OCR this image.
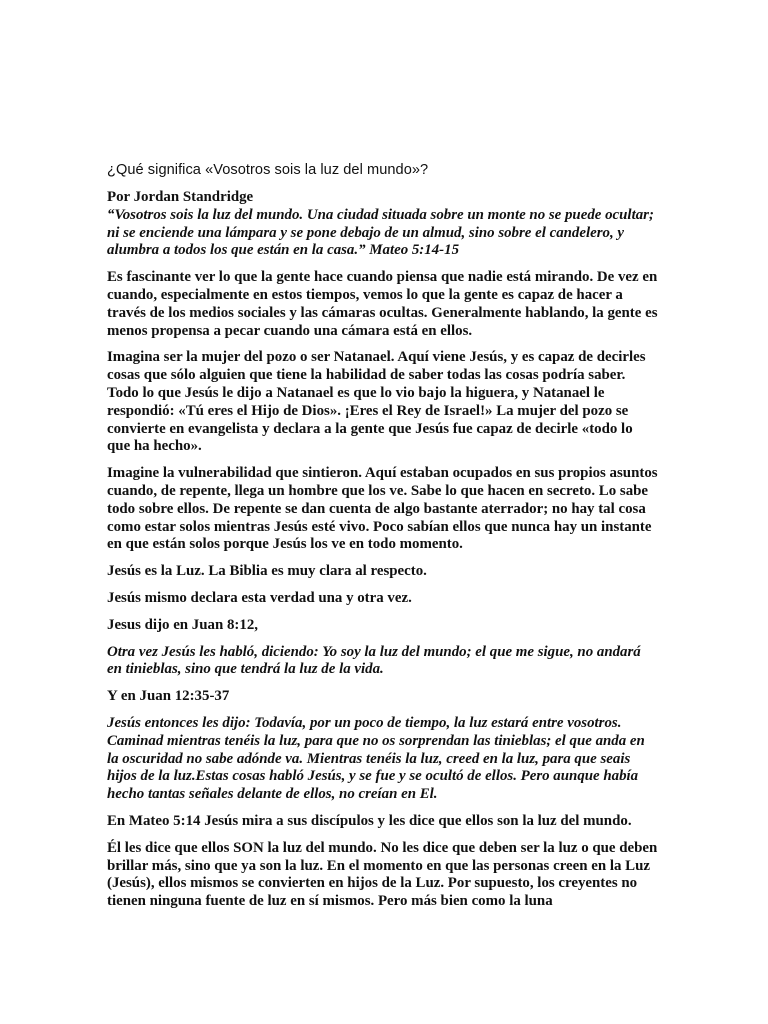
¿Qué significa «Vosotros sois la luz del mundo»?
Por Jordan Standridge
“Vosotros sois la luz del mundo. Una ciudad situada sobre un monte no se puede ocultar; ni se enciende una lámpara y se pone debajo de un almud, sino sobre el candelero, y alumbra a todos los que están en la casa.” Mateo 5:14-15
Es fascinante ver lo que la gente hace cuando piensa que nadie está mirando. De vez en cuando, especialmente en estos tiempos, vemos lo que la gente es capaz de hacer a través de los medios sociales y las cámaras ocultas. Generalmente hablando, la gente es menos propensa a pecar cuando una cámara está en ellos.
Imagina ser la mujer del pozo o ser Natanael. Aquí viene Jesús, y es capaz de decirles cosas que sólo alguien que tiene la habilidad de saber todas las cosas podría saber. Todo lo que Jesús le dijo a Natanael es que lo vio bajo la higuera, y Natanael le respondió: «Tú eres el Hijo de Dios». ¡Eres el Rey de Israel!» La mujer del pozo se convierte en evangelista y declara a la gente que Jesús fue capaz de decirle «todo lo que ha hecho».
Imagine la vulnerabilidad que sintieron. Aquí estaban ocupados en sus propios asuntos cuando, de repente, llega un hombre que los ve. Sabe lo que hacen en secreto. Lo sabe todo sobre ellos. De repente se dan cuenta de algo bastante aterrador; no hay tal cosa como estar solos mientras Jesús esté vivo. Poco sabían ellos que nunca hay un instante en que están solos porque Jesús los ve en todo momento.
Jesús es la Luz. La Biblia es muy clara al respecto.
Jesús mismo declara esta verdad una y otra vez.
Jesus dijo en Juan 8:12,
Otra vez Jesús les habló, diciendo: Yo soy la luz del mundo; el que me sigue, no andará en tinieblas, sino que tendrá la luz de la vida.
Y en Juan 12:35-37
Jesús entonces les dijo: Todavía, por un poco de tiempo, la luz estará entre vosotros. Caminad mientras tenéis la luz, para que no os sorprendan las tinieblas; el que anda en la oscuridad no sabe adónde va. Mientras tenéis la luz, creed en la luz, para que seais hijos de la luz.Estas cosas habló Jesús, y se fue y se ocultó de ellos. Pero aunque había hecho tantas señales delante de ellos, no creían en El.
En Mateo 5:14 Jesús mira a sus discípulos y les dice que ellos son la luz del mundo.
Él les dice que ellos SON la luz del mundo. No les dice que deben ser la luz o que deben brillar más, sino que ya son la luz. En el momento en que las personas creen en la Luz (Jesús), ellos mismos se convierten en hijos de la Luz. Por supuesto, los creyentes no tienen ninguna fuente de luz en sí mismos. Pero más bien como la luna
